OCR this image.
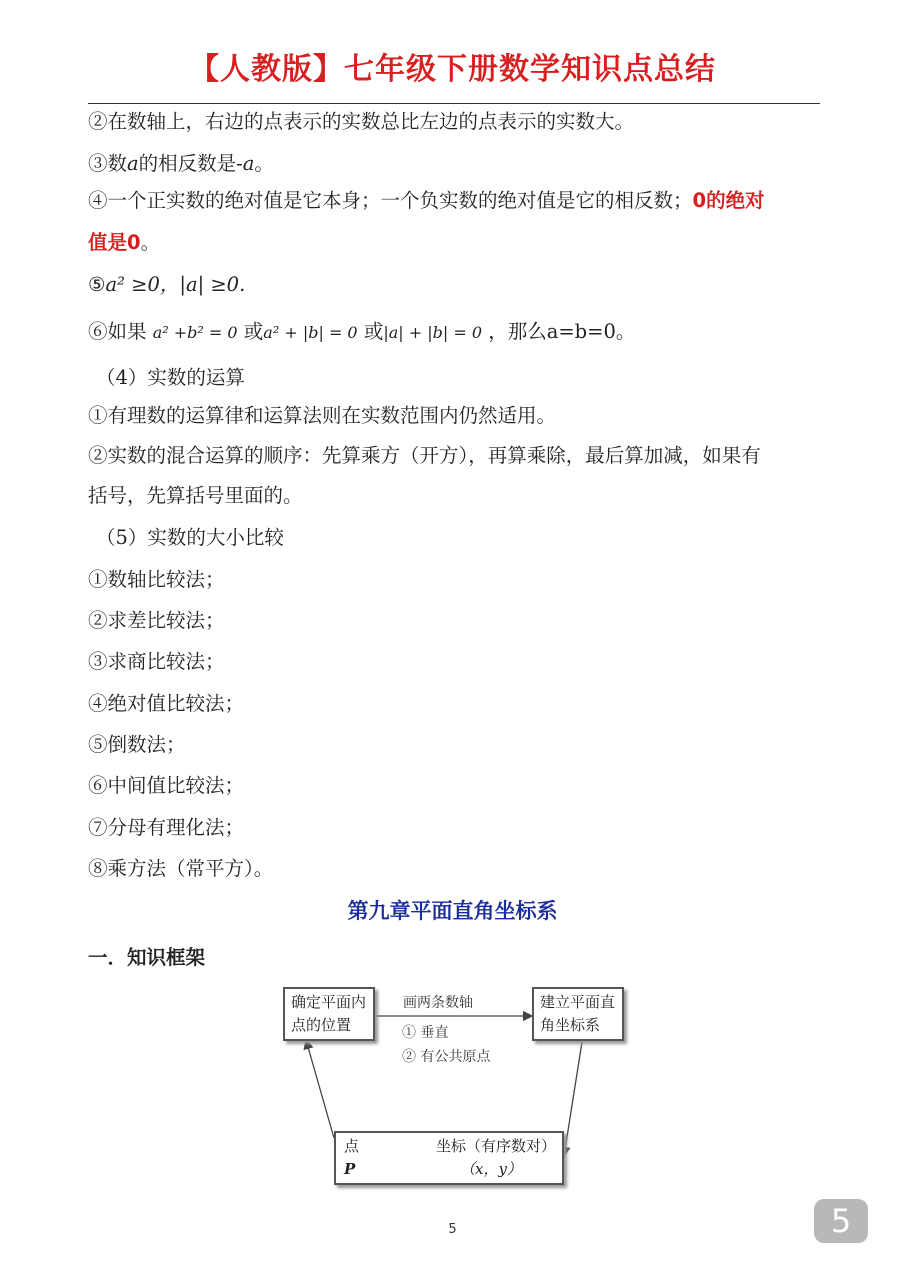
【人教版】七年级下册数学知识点总结
②在数轴上，右边的点表示的实数总比左边的点表示的实数大。
③数a的相反数是-a。
④一个正实数的绝对值是它本身；一个负实数的绝对值是它的相反数；0的绝对
值是0。
⑤a² ≥0，|a| ≥0.
⑥如果 a² +b² = 0 或a² + |b| = 0 或|a| + |b| = 0 ，那么a=b=0。
（4）实数的运算
①有理数的运算律和运算法则在实数范围内仍然适用。
②实数的混合运算的顺序：先算乘方（开方），再算乘除，最后算加减，如果有
括号，先算括号里面的。
（5）实数的大小比较
①数轴比较法；
②求差比较法；
③求商比较法；
④绝对值比较法；
⑤倒数法；
⑥中间值比较法；
⑦分母有理化法；
⑧乘方法（常平方）。
第九章平面直角坐标系
一．知识框架
确定平面内
点的位置
建立平面直
角坐标系
画两条数轴
① 垂直
② 有公共原点
点
P
坐标（有序数对）
（x，y）
5	5
